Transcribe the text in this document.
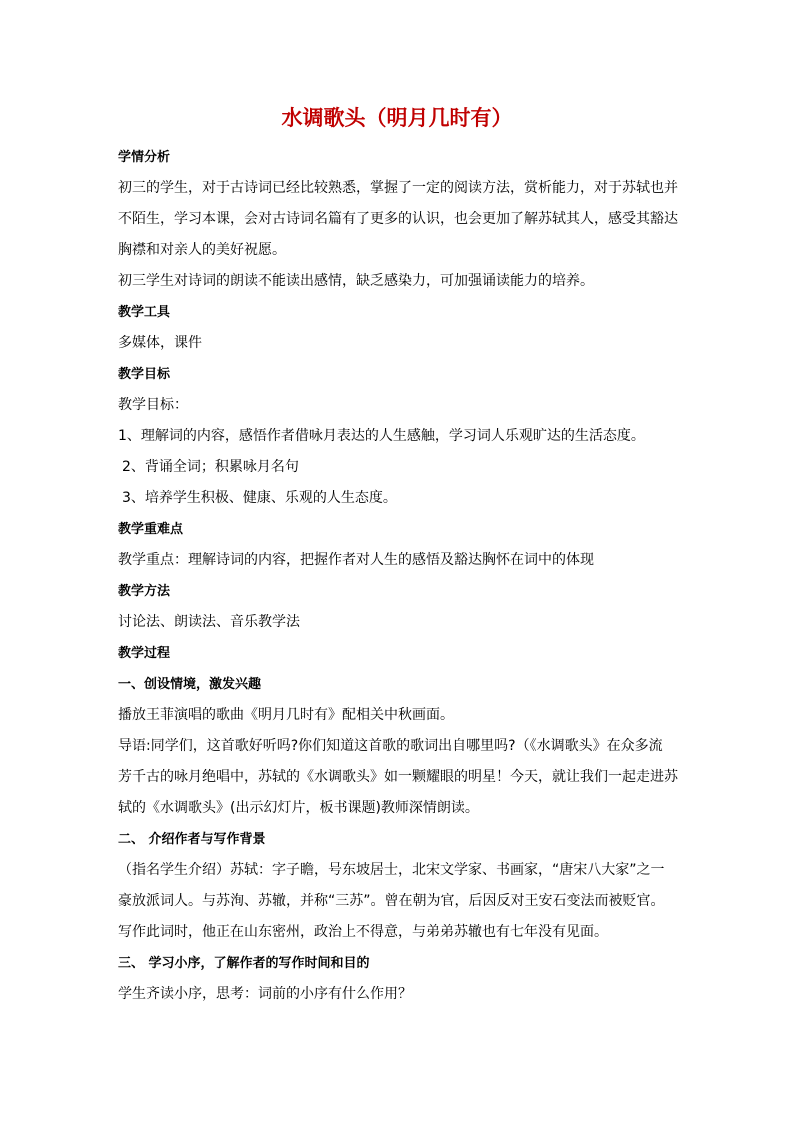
水调歌头（明月几时有）
学情分析
初三的学生，对于古诗词已经比较熟悉，掌握了一定的阅读方法，赏析能力，对于苏轼也并
不陌生，学习本课，会对古诗词名篇有了更多的认识，也会更加了解苏轼其人，感受其豁达
胸襟和对亲人的美好祝愿。
初三学生对诗词的朗读不能读出感情，缺乏感染力，可加强诵读能力的培养。
教学工具
多媒体，课件
教学目标
教学目标：
1、理解词的内容，感悟作者借咏月表达的人生感触，学习词人乐观旷达的生活态度。
2、背诵全词；积累咏月名句
3、培养学生积极、健康、乐观的人生态度。
教学重难点
教学重点：理解诗词的内容，把握作者对人生的感悟及豁达胸怀在词中的体现
教学方法
讨论法、朗读法、音乐教学法
教学过程
一、创设情境，激发兴趣
播放王菲演唱的歌曲《明月几时有》配相关中秋画面。
导语:同学们，这首歌好听吗?你们知道这首歌的歌词出自哪里吗?（《水调歌头》在众多流
芳千古的咏月绝唱中，苏轼的《水调歌头》如一颗耀眼的明星！今天，就让我们一起走进苏
轼的《水调歌头》(出示幻灯片，板书课题)教师深情朗读。
二、 介绍作者与写作背景
（指名学生介绍）苏轼：字子瞻，号东坡居士，北宋文学家、书画家，“唐宋八大家”之一
豪放派词人。与苏洵、苏辙，并称“三苏”。曾在朝为官，后因反对王安石变法而被贬官。
写作此词时，他正在山东密州，政治上不得意，与弟弟苏辙也有七年没有见面。
三、 学习小序，了解作者的写作时间和目的
学生齐读小序，思考：词前的小序有什么作用？
